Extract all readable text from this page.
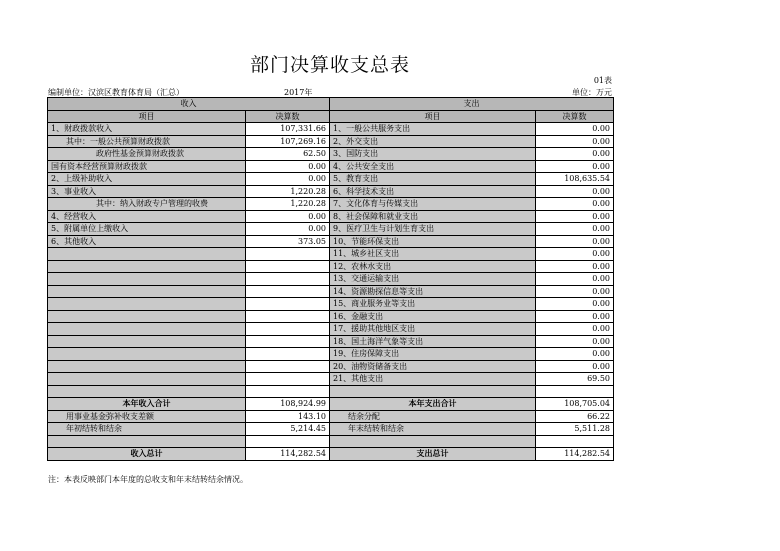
部门决算收支总表
01表
编制单位：汉滨区教育体育局（汇总）	2017年	单位：万元
收入		支出	
项目	决算数	项目	决算数
1、财政拨款收入	107,331.66	1、一般公共服务支出	0.00
其中：一般公共预算财政拨款	107,269.16	2、外交支出	0.00
政府性基金预算财政拨款	62.50	3、国防支出	0.00
国有资本经营预算财政拨款	0.00	4、公共安全支出	0.00
2、上级补助收入	0.00	5、教育支出	108,635.54
3、事业收入	1,220.28	6、科学技术支出	0.00
其中：纳入财政专户管理的收费	1,220.28	7、文化体育与传媒支出	0.00
4、经营收入	0.00	8、社会保障和就业支出	0.00
5、附属单位上缴收入	0.00	9、医疗卫生与计划生育支出	0.00
6、其他收入	373.05	10、节能环保支出	0.00
		11、城乡社区支出	0.00
		12、农林水支出	0.00
		13、交通运输支出	0.00
		14、资源勘探信息等支出	0.00
		15、商业服务业等支出	0.00
		16、金融支出	0.00
		17、援助其他地区支出	0.00
		18、国土海洋气象等支出	0.00
		19、住房保障支出	0.00
		20、油物资储备支出	0.00
		21、其他支出	69.50

本年收入合计	108,924.99	本年支出合计	108,705.04
用事业基金弥补收支差额	143.10	结余分配	66.22
年初结转和结余	5,214.45	年末结转和结余	5,511.28

收入总计	114,282.54	支出总计	114,282.54
注：本表反映部门本年度的总收支和年末结转结余情况。
